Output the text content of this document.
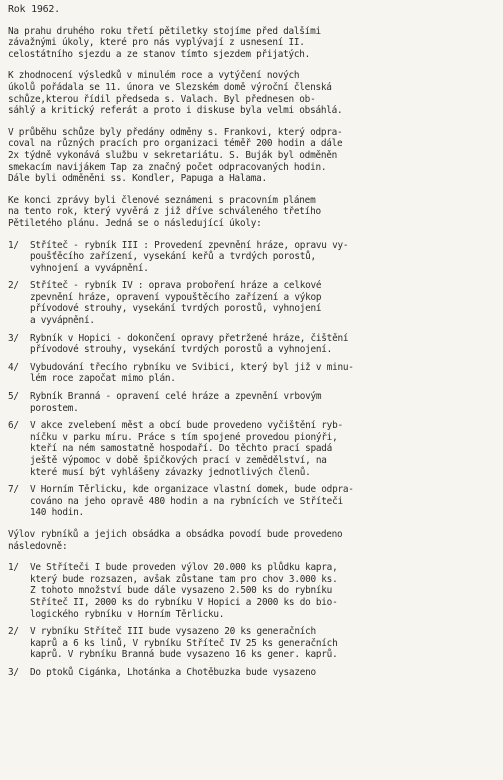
Rok 1962.
Na prahu druhého roku třetí pětiletky stojíme před dalšími
závažnými úkoly, které pro nás vyplývají z usnesení II.
celostátního sjezdu a ze stanov tímto sjezdem přijatých.
K zhodnocení výsledků v minulém roce a vytýčení nových
úkolů pořádala se 11. února ve Slezském domě výroční členská
schůze,kterou řídil předseda s. Valach. Byl přednesen ob-
sáhlý a kritický referát a proto i diskuse byla velmi obsáhlá.
V průběhu schůze byly předány odměny s. Frankovi, který odpra-
coval na různých pracích pro organizaci téměř 200 hodin a dále
2x týdně vykonává službu v sekretariátu. S. Buják byl odměněn
smekacím navijákem Tap za značný počet odpracovaných hodin.
Dále byli odměněni ss. Kondler, Papuga a Halama.
Ke konci zprávy byli členové seznámeni s pracovním plánem
na tento rok, který vyvěrá z již dříve schváleného třetího
Pětiletého plánu. Jedná se o následující úkoly:
1/	Stříteč - rybník III : Provedení zpevnění hráze, opravu vy-
poušťěcího zařízení, vysekání keřů a tvrdých porostů,
vyhnojení a vyvápnění.
2/	Stříteč - rybník IV : oprava proboření hráze a celkové
zpevnění hráze, opravení vypouštěcího zařízení a výkop
přívodové strouhy, vysekání tvrdých porostů, vyhnojení
a vyvápnění.
3/	Rybník v Hopici - dokončení opravy přetržené hráze, čištění
přívodové strouhy, vysekání tvrdých porostů a vyhnojení.
4/	Vybudování třecího rybníku ve Svibici, který byl již v minu-
lém roce započat mimo plán.
5/	Rybník Branná - opravení celé hráze a zpevnění vrbovým
porostem.
6/	V akce zvelebení měst a obcí bude provedeno vyčištění ryb-
níčku v parku míru. Práce s tím spojené provedou pionýři,
kteří na ném samostatně hospodaří. Do těchto prací spadá
ještě výpomoc v době špičkových prací v zemědělství, na
které musí být vyhlášeny závazky jednotlivých členů.
7/	V Horním Těrlicku, kde organizace vlastní domek, bude odpra-
cováno na jeho opravě 480 hodin a na rybnících ve Stříteči
140 hodin.
Výlov rybníků a jejich obsádka a obsádka povodí bude provedeno
následovně:
1/	Ve Stříteči I bude proveden výlov 20.000 ks plůdku kapra,
který bude rozsazen, avšak zůstane tam pro chov 3.000 ks.
Z tohoto množství bude dále vysazeno 2.500 ks do rybníku
Stříteč II, 2000 ks do rybníku V Hopici a 2000 ks do bio-
logického rybníku v Horním Těrlicku.
2/	V rybníku Stříteč III bude vysazeno 20 ks generačních
kaprů a 6 ks linů, V rybníku Stříteč IV 25 ks generačních
kaprů. V rybníku Branná bude vysazeno 16 ks gener. kaprů.
3/	Do ptoků Cigánka, Lhotánka a Chotěbuzka bude vysazeno
